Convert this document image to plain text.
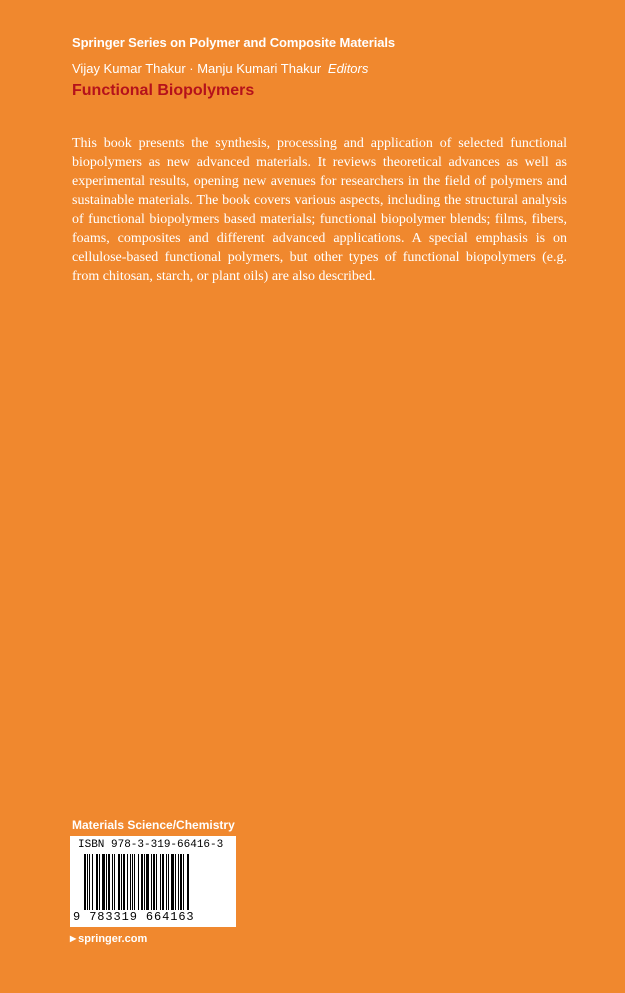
Springer Series on Polymer and Composite Materials
Vijay Kumar Thakur · Manju Kumari Thakur Editors
Functional Biopolymers

This book presents the synthesis, processing and application of selected functional biopolymers as new advanced materials. It reviews theoretical advances as well as experimental results, opening new avenues for researchers in the field of polymers and sustainable materials. The book covers various aspects, including the structural analysis of functional biopolymers based materials; functional biopolymer blends; films, fibers, foams, composites and different advanced applications. A special emphasis is on cellulose-based functional polymers, but other types of functional biopolymers (e.g. from chitosan, starch, or plant oils) are also described.

Materials Science/Chemistry
ISBN 978-3-319-66416-3
9 783319 664163
▶ springer.com
